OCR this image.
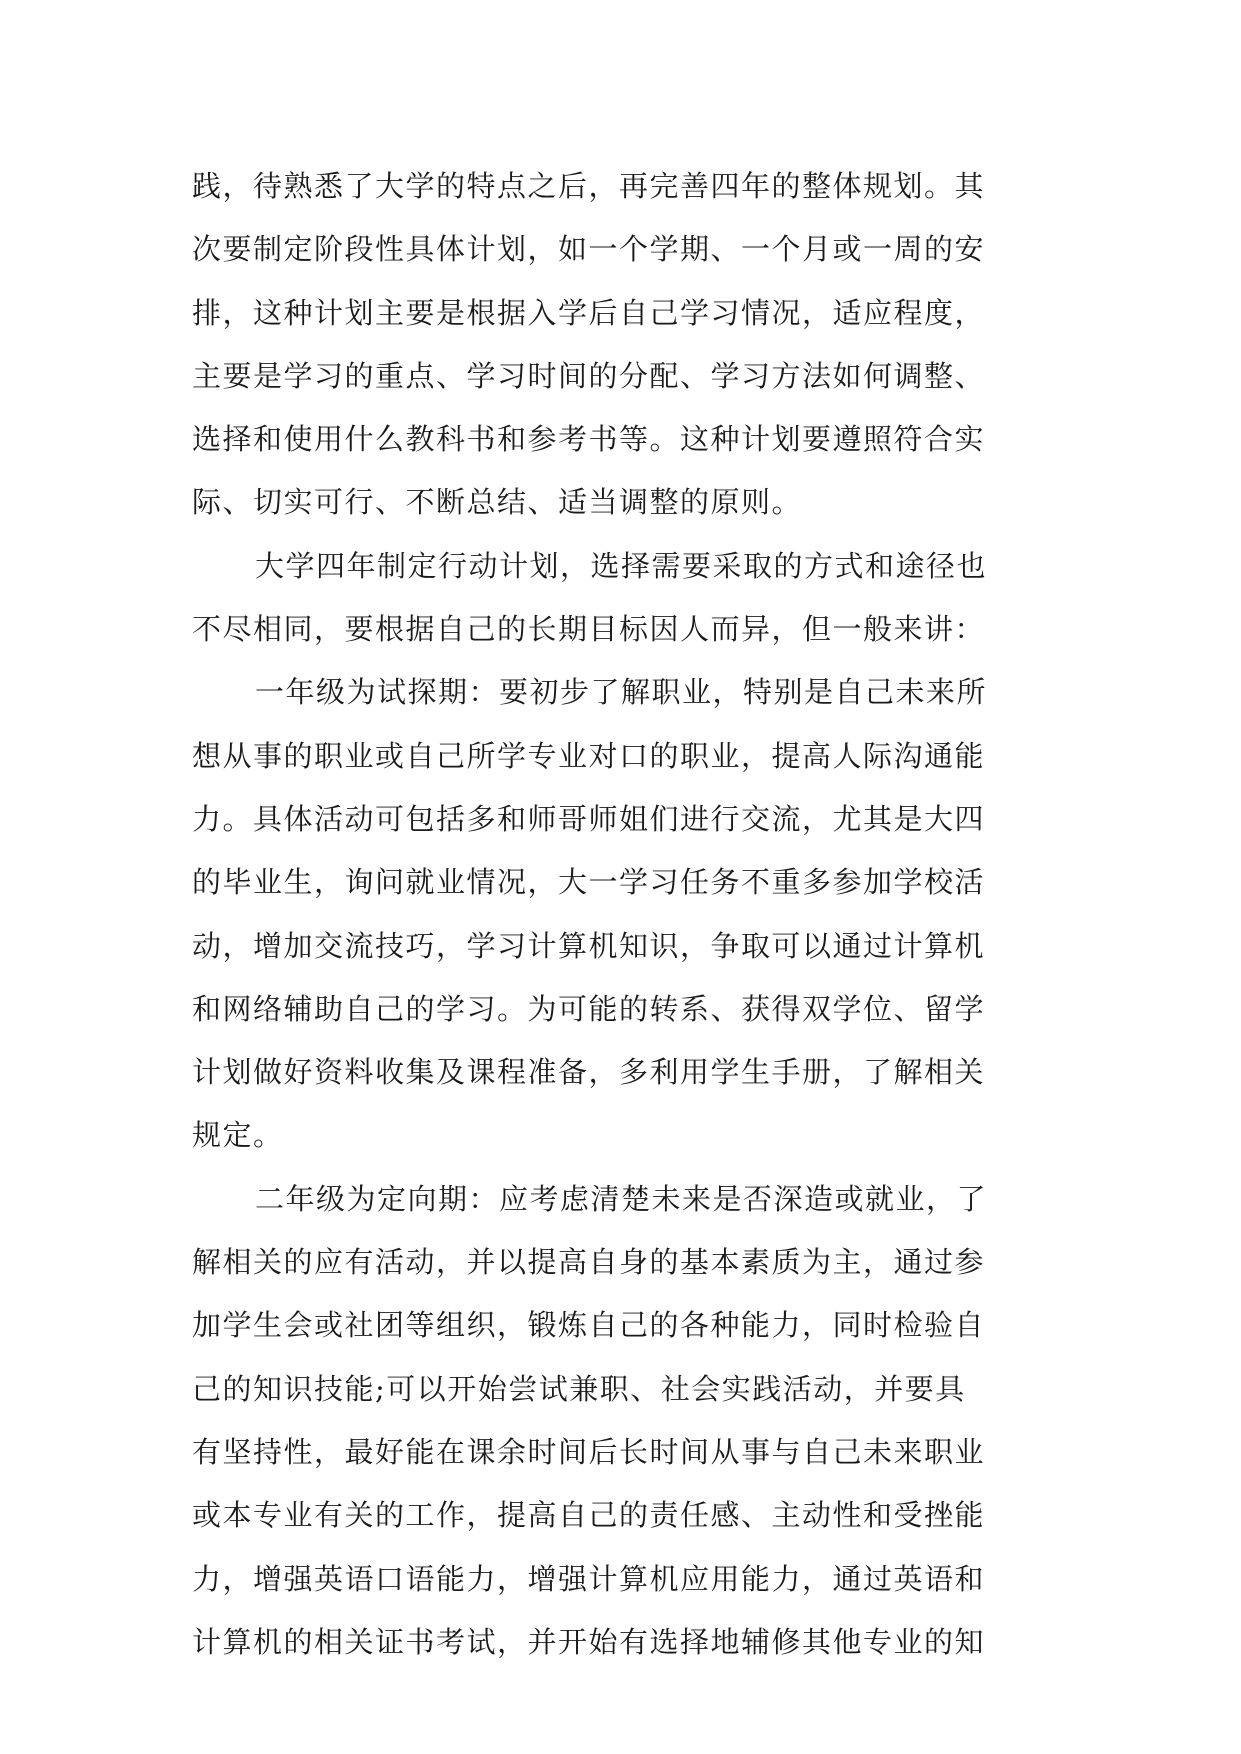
践，待熟悉了大学的特点之后，再完善四年的整体规划。其
次要制定阶段性具体计划，如一个学期、一个月或一周的安
排，这种计划主要是根据入学后自己学习情况，适应程度，
主要是学习的重点、学习时间的分配、学习方法如何调整、
选择和使用什么教科书和参考书等。这种计划要遵照符合实
际、切实可行、不断总结、适当调整的原则。
大学四年制定行动计划，选择需要采取的方式和途径也
不尽相同，要根据自己的长期目标因人而异，但一般来讲：
一年级为试探期：要初步了解职业，特别是自己未来所
想从事的职业或自己所学专业对口的职业，提高人际沟通能
力。具体活动可包括多和师哥师姐们进行交流，尤其是大四
的毕业生，询问就业情况，大一学习任务不重多参加学校活
动，增加交流技巧，学习计算机知识，争取可以通过计算机
和网络辅助自己的学习。为可能的转系、获得双学位、留学
计划做好资料收集及课程准备，多利用学生手册，了解相关
规定。
二年级为定向期：应考虑清楚未来是否深造或就业，了
解相关的应有活动，并以提高自身的基本素质为主，通过参
加学生会或社团等组织，锻炼自己的各种能力，同时检验自
己的知识技能;可以开始尝试兼职、社会实践活动，并要具
有坚持性，最好能在课余时间后长时间从事与自己未来职业
或本专业有关的工作，提高自己的责任感、主动性和受挫能
力，增强英语口语能力，增强计算机应用能力，通过英语和
计算机的相关证书考试，并开始有选择地辅修其他专业的知
